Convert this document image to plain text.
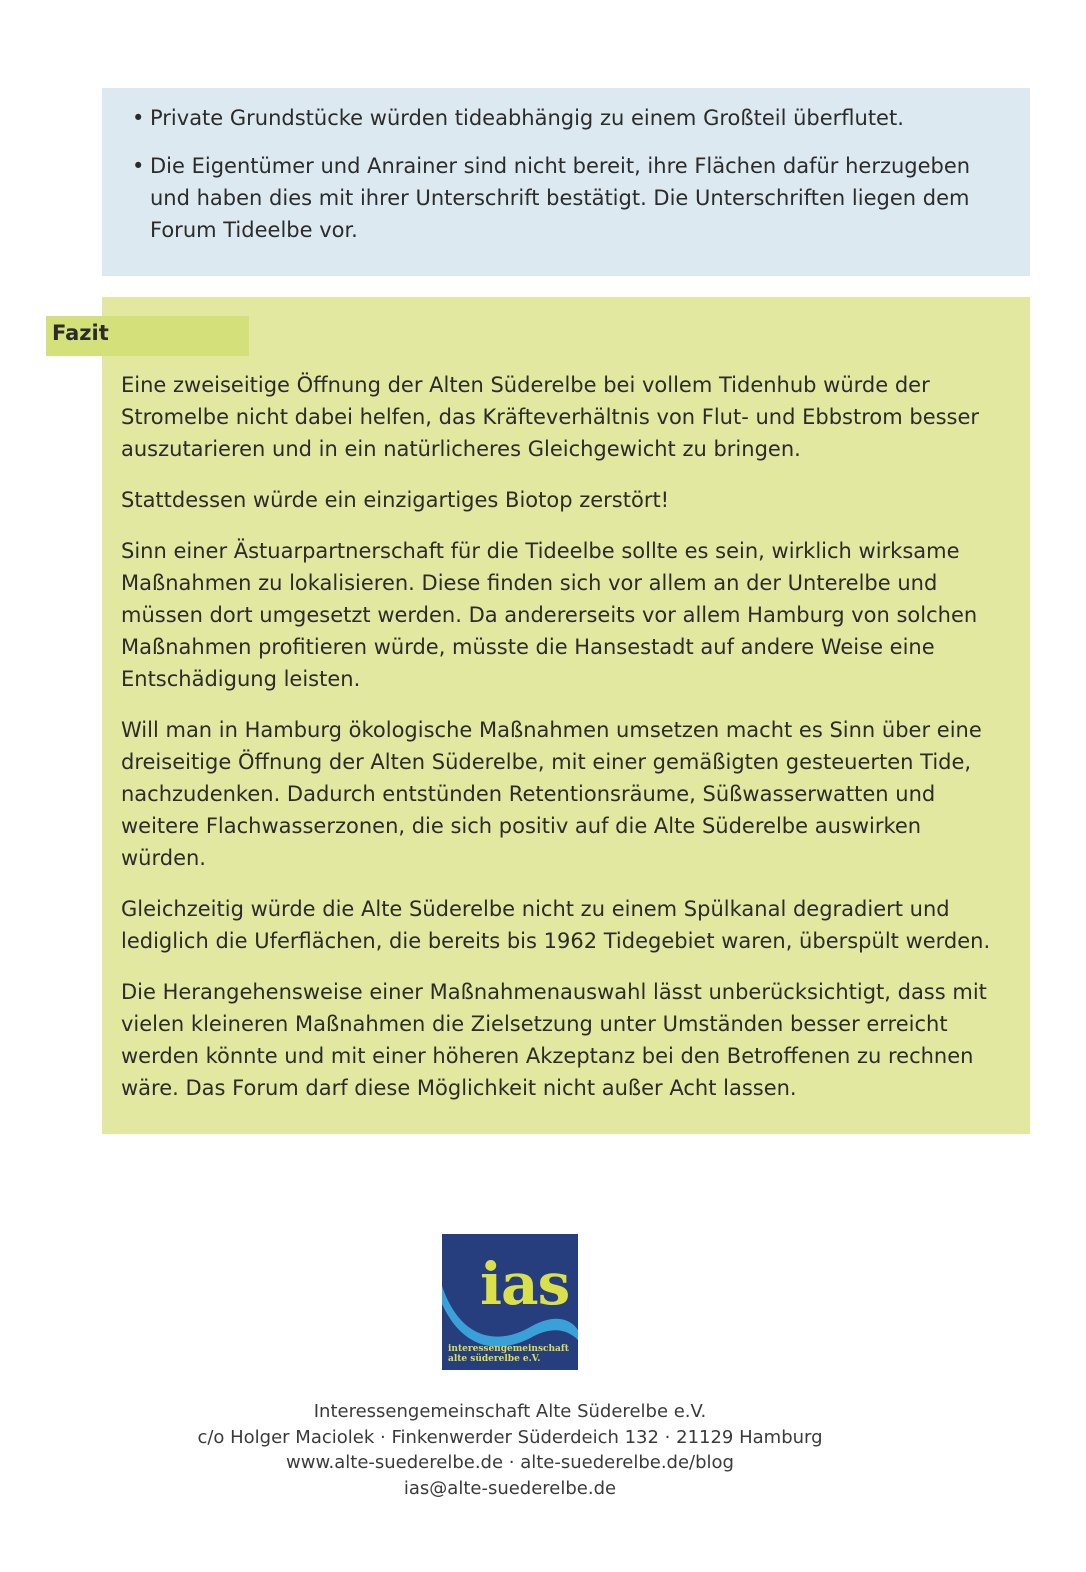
• Private Grundstücke würden tideabhängig zu einem Großteil überflutet.
• Die Eigentümer und Anrainer sind nicht bereit, ihre Flächen dafür herzugeben und haben dies mit ihrer Unterschrift bestätigt. Die Unterschriften liegen dem Forum Tideelbe vor.

Eine zweiseitige Öffnung der Alten Süderelbe bei vollem Tidenhub würde der Stromelbe nicht dabei helfen, das Kräfteverhältnis von Flut- und Ebbstrom besser auszutarieren und in ein natürlicheres Gleichgewicht zu bringen.

Stattdessen würde ein einzigartiges Biotop zerstört!

Sinn einer Ästuarpartnerschaft für die Tideelbe sollte es sein, wirklich wirksame Maßnahmen zu lokalisieren. Diese finden sich vor allem an der Unterelbe und müssen dort umgesetzt werden. Da andererseits vor allem Hamburg von solchen Maßnahmen profitieren würde, müsste die Hansestadt auf andere Weise eine Entschädigung leisten.

Will man in Hamburg ökologische Maßnahmen umsetzen macht es Sinn über eine dreiseitige Öffnung der Alten Süderelbe, mit einer gemäßigten gesteuerten Tide, nachzudenken. Dadurch entstünden Retentionsräume, Süßwasserwatten und weitere Flachwasserzonen, die sich positiv auf die Alte Süderelbe auswirken würden.

Gleichzeitig würde die Alte Süderelbe nicht zu einem Spülkanal degradiert und lediglich die Uferflächen, die bereits bis 1962 Tidegebiet waren, überspült werden.

Die Herangehensweise einer Maßnahmenauswahl lässt unberücksichtigt, dass mit vielen kleineren Maßnahmen die Zielsetzung unter Umständen besser erreicht werden könnte und mit einer höheren Akzeptanz bei den Betroffenen zu rechnen wäre. Das Forum darf diese Möglichkeit nicht außer Acht lassen.

Fazit
ias
interessengemeinschaft
alte süderelbe e.V.
Interessengemeinschaft Alte Süderelbe e.V.
c/o Holger Maciolek · Finkenwerder Süderdeich 132 · 21129 Hamburg
www.alte-suederelbe.de · alte-suederelbe.de/blog
ias@alte-suederelbe.de
